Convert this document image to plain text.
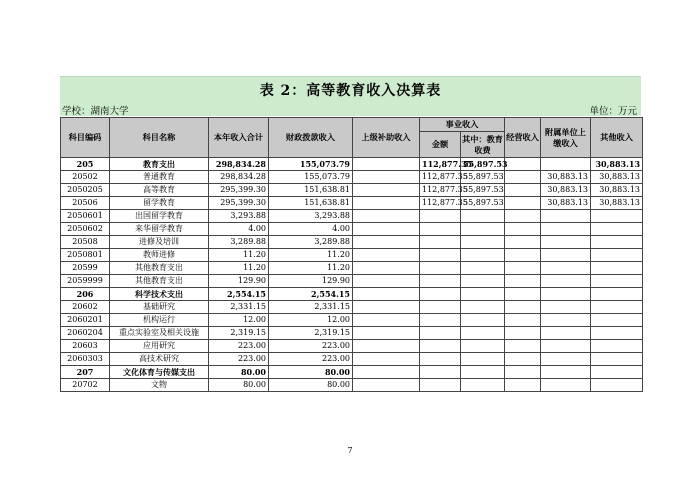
表 2：高等教育收入决算表
学校：湖南大学	单位：万元
科目编码	科目名称	本年收入合计	财政拨款收入	上级补助收入	事业收入		经营收入	附属单位上缴收入	其他收入
					金额	其中：教育收费			
205	教育支出	298,834.28	155,073.79		112,877.35	55,897.53			30,883.13
20502	普通教育	298,834.28	155,073.79		112,877.35	55,897.53		30,883.13	30,883.13
2050205	高等教育	295,399.30	151,638.81		112,877.35	55,897.53		30,883.13	30,883.13
20506	留学教育	295,399.30	151,638.81		112,877.35	55,897.53		30,883.13	30,883.13
2050601	出国留学教育	3,293.88	3,293.88						
2050602	来华留学教育	4.00	4.00						
20508	进修及培训	3,289.88	3,289.88						
2050801	教师进修	11.20	11.20						
20599	其他教育支出	11.20	11.20						
2059999	其他教育支出	129.90	129.90						
206	科学技术支出	2,554.15	2,554.15						
20602	基础研究	2,331.15	2,331.15						
2060201	机构运行	12.00	12.00						
2060204	重点实验室及相关设施	2,319.15	2,319.15						
20603	应用研究	223.00	223.00						
2060303	高技术研究	223.00	223.00						
207	文化体育与传媒支出	80.00	80.00						
20702	文物	80.00	80.00						
7
